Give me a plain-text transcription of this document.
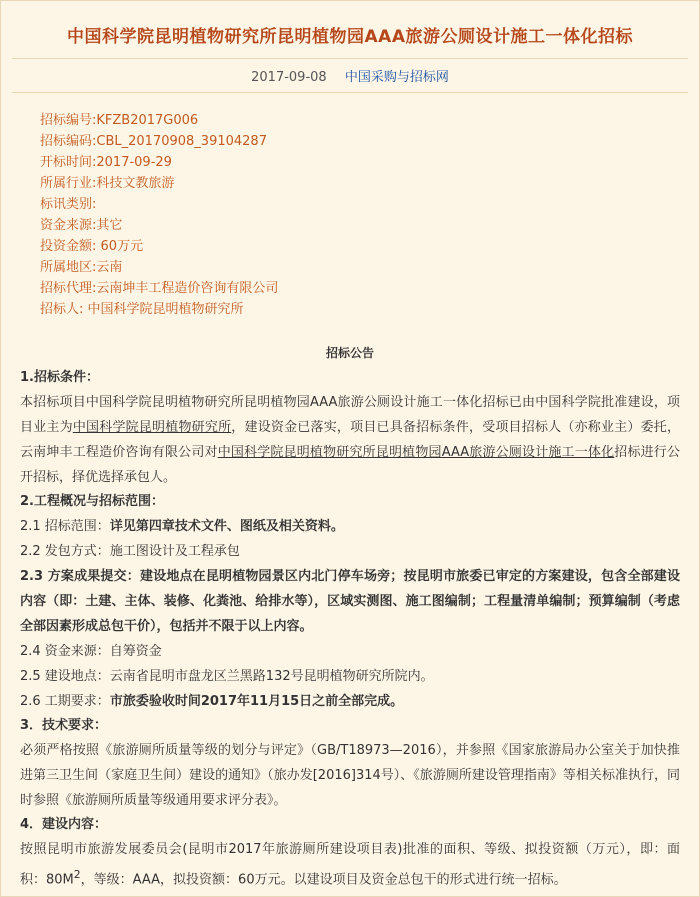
中国科学院昆明植物研究所昆明植物园AAA旅游公厕设计施工一体化招标
2017-09-08 中国采购与招标网
招标编号:KFZB2017G006
招标编码:CBL_20170908_39104287
开标时间:2017-09-29
所属行业:科技文教旅游
标讯类别:
资金来源:其它
投资金额: 60万元
所属地区:云南
招标代理:云南坤丰工程造价咨询有限公司
招标人: 中国科学院昆明植物研究所
招标公告
1.招标条件：
本招标项目中国科学院昆明植物研究所昆明植物园AAA旅游公厕设计施工一体化招标已由中国科学院批准建设，项目业主为中国科学院昆明植物研究所，建设资金已落实，项目已具备招标条件，受项目招标人（亦称业主）委托，云南坤丰工程造价咨询有限公司对中国科学院昆明植物研究所昆明植物园AAA旅游公厕设计施工一体化招标进行公开招标，择优选择承包人。
2.工程概况与招标范围：
2.1 招标范围：详见第四章技术文件、图纸及相关资料。
2.2 发包方式：施工图设计及工程承包
2.3 方案成果提交：建设地点在昆明植物园景区内北门停车场旁；按昆明市旅委已审定的方案建设，包含全部建设内容（即：土建、主体、装修、化粪池、给排水等），区域实测图、施工图编制；工程量清单编制；预算编制（考虑全部因素形成总包干价），包括并不限于以上内容。
2.4 资金来源：自筹资金
2.5 建设地点：云南省昆明市盘龙区兰黑路132号昆明植物研究所院内。
2.6 工期要求：市旅委验收时间2017年11月15日之前全部完成。
3．技术要求：
必须严格按照《旅游厕所质量等级的划分与评定》（GB/T18973—2016），并参照《国家旅游局办公室关于加快推进第三卫生间（家庭卫生间）建设的通知》（旅办发[2016]314号）、《旅游厕所建设管理指南》等相关标准执行，同时参照《旅游厕所质量等级通用要求评分表》。
4．建设内容：
按照昆明市旅游发展委员会(昆明市2017年旅游厕所建设项目表)批准的面积、等级、拟投资额（万元），即：面积：$80M^2$，等级：AAA，拟投资额：60万元。以建设项目及资金总包干的形式进行统一招标。
